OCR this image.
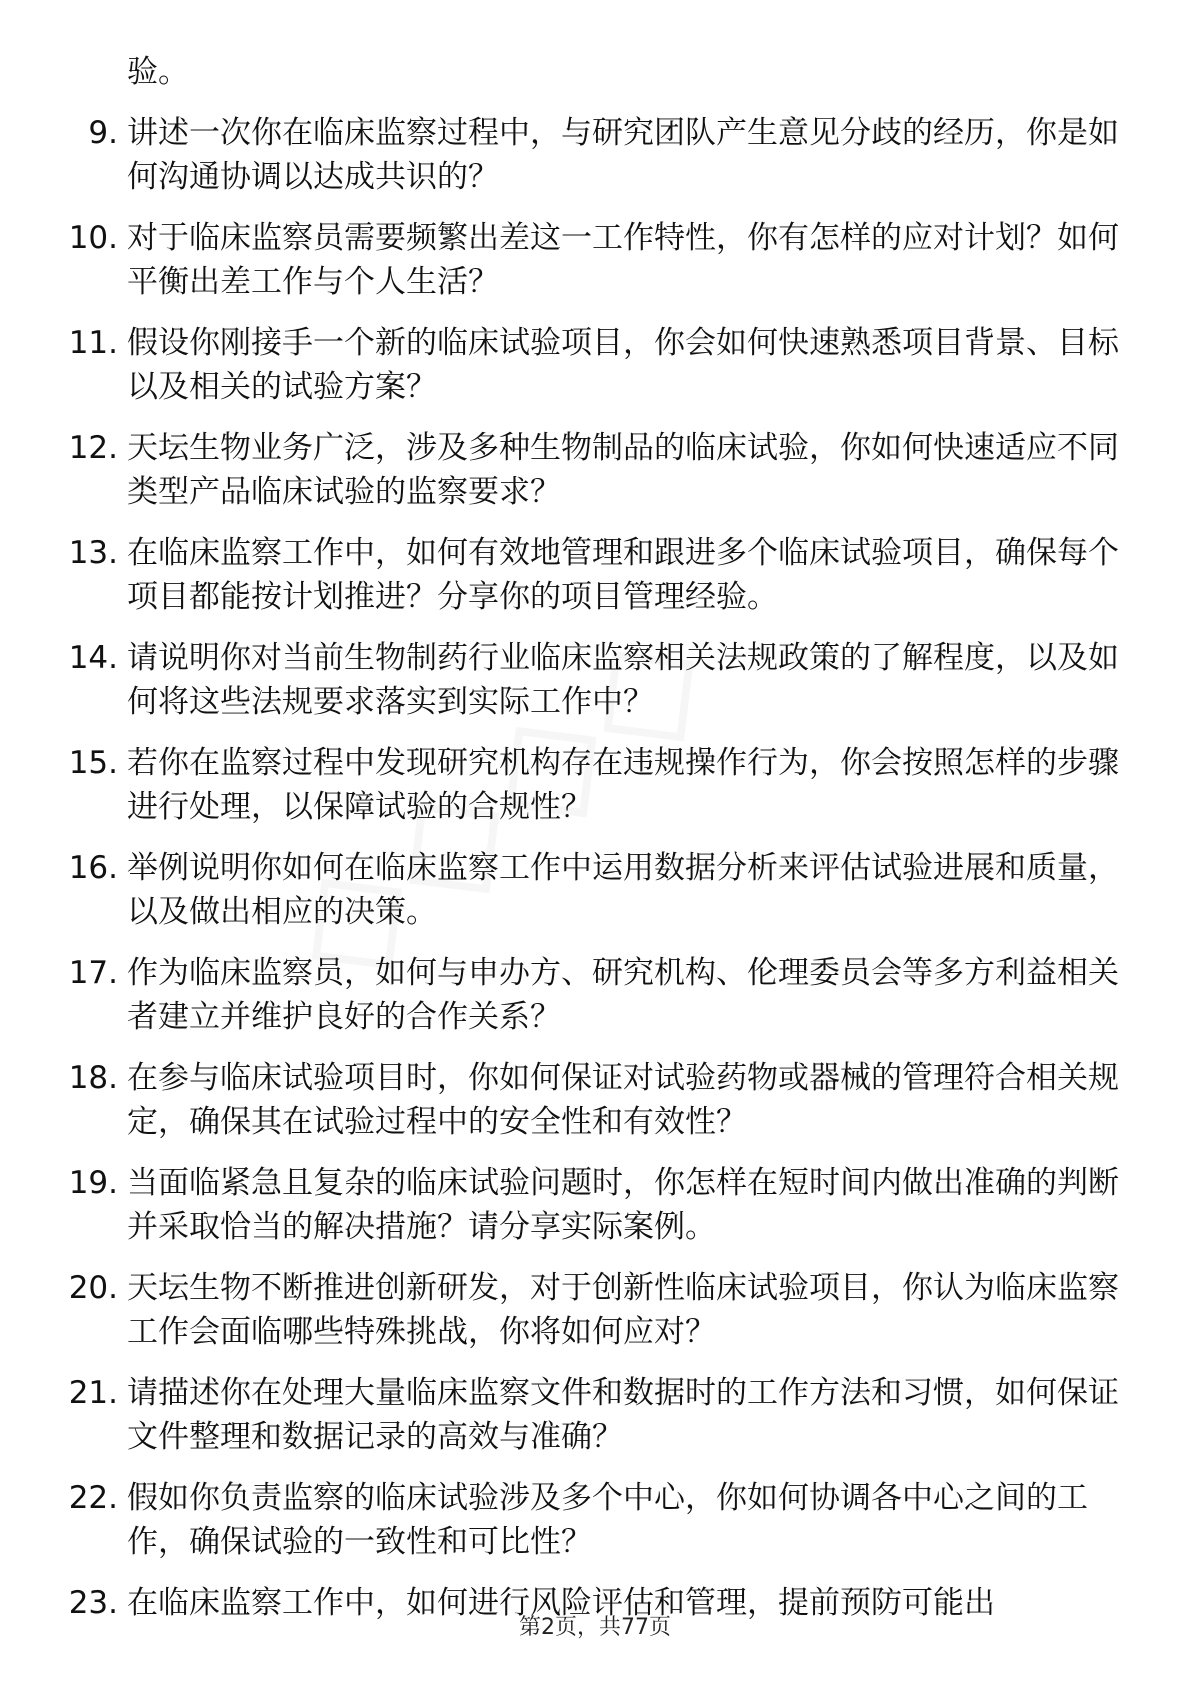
验。
9. 讲述一次你在临床监察过程中，与研究团队产生意见分歧的经历，你是如何沟通协调以达成共识的？
10. 对于临床监察员需要频繁出差这一工作特性，你有怎样的应对计划？如何平衡出差工作与个人生活？
11. 假设你刚接手一个新的临床试验项目，你会如何快速熟悉项目背景、目标以及相关的试验方案？
12. 天坛生物业务广泛，涉及多种生物制品的临床试验，你如何快速适应不同类型产品临床试验的监察要求？
13. 在临床监察工作中，如何有效地管理和跟进多个临床试验项目，确保每个项目都能按计划推进？分享你的项目管理经验。
14. 请说明你对当前生物制药行业临床监察相关法规政策的了解程度，以及如何将这些法规要求落实到实际工作中？
15. 若你在监察过程中发现研究机构存在违规操作行为，你会按照怎样的步骤进行处理，以保障试验的合规性？
16. 举例说明你如何在临床监察工作中运用数据分析来评估试验进展和质量，以及做出相应的决策。
17. 作为临床监察员，如何与申办方、研究机构、伦理委员会等多方利益相关者建立并维护良好的合作关系？
18. 在参与临床试验项目时，你如何保证对试验药物或器械的管理符合相关规定，确保其在试验过程中的安全性和有效性？
19. 当面临紧急且复杂的临床试验问题时，你怎样在短时间内做出准确的判断并采取恰当的解决措施？请分享实际案例。
20. 天坛生物不断推进创新研发，对于创新性临床试验项目，你认为临床监察工作会面临哪些特殊挑战，你将如何应对？
21. 请描述你在处理大量临床监察文件和数据时的工作方法和习惯，如何保证文件整理和数据记录的高效与准确？
22. 假如你负责监察的临床试验涉及多个中心，你如何协调各中心之间的工作，确保试验的一致性和可比性？
23. 在临床监察工作中，如何进行风险评估和管理，提前预防可能出
第2页，共77页
